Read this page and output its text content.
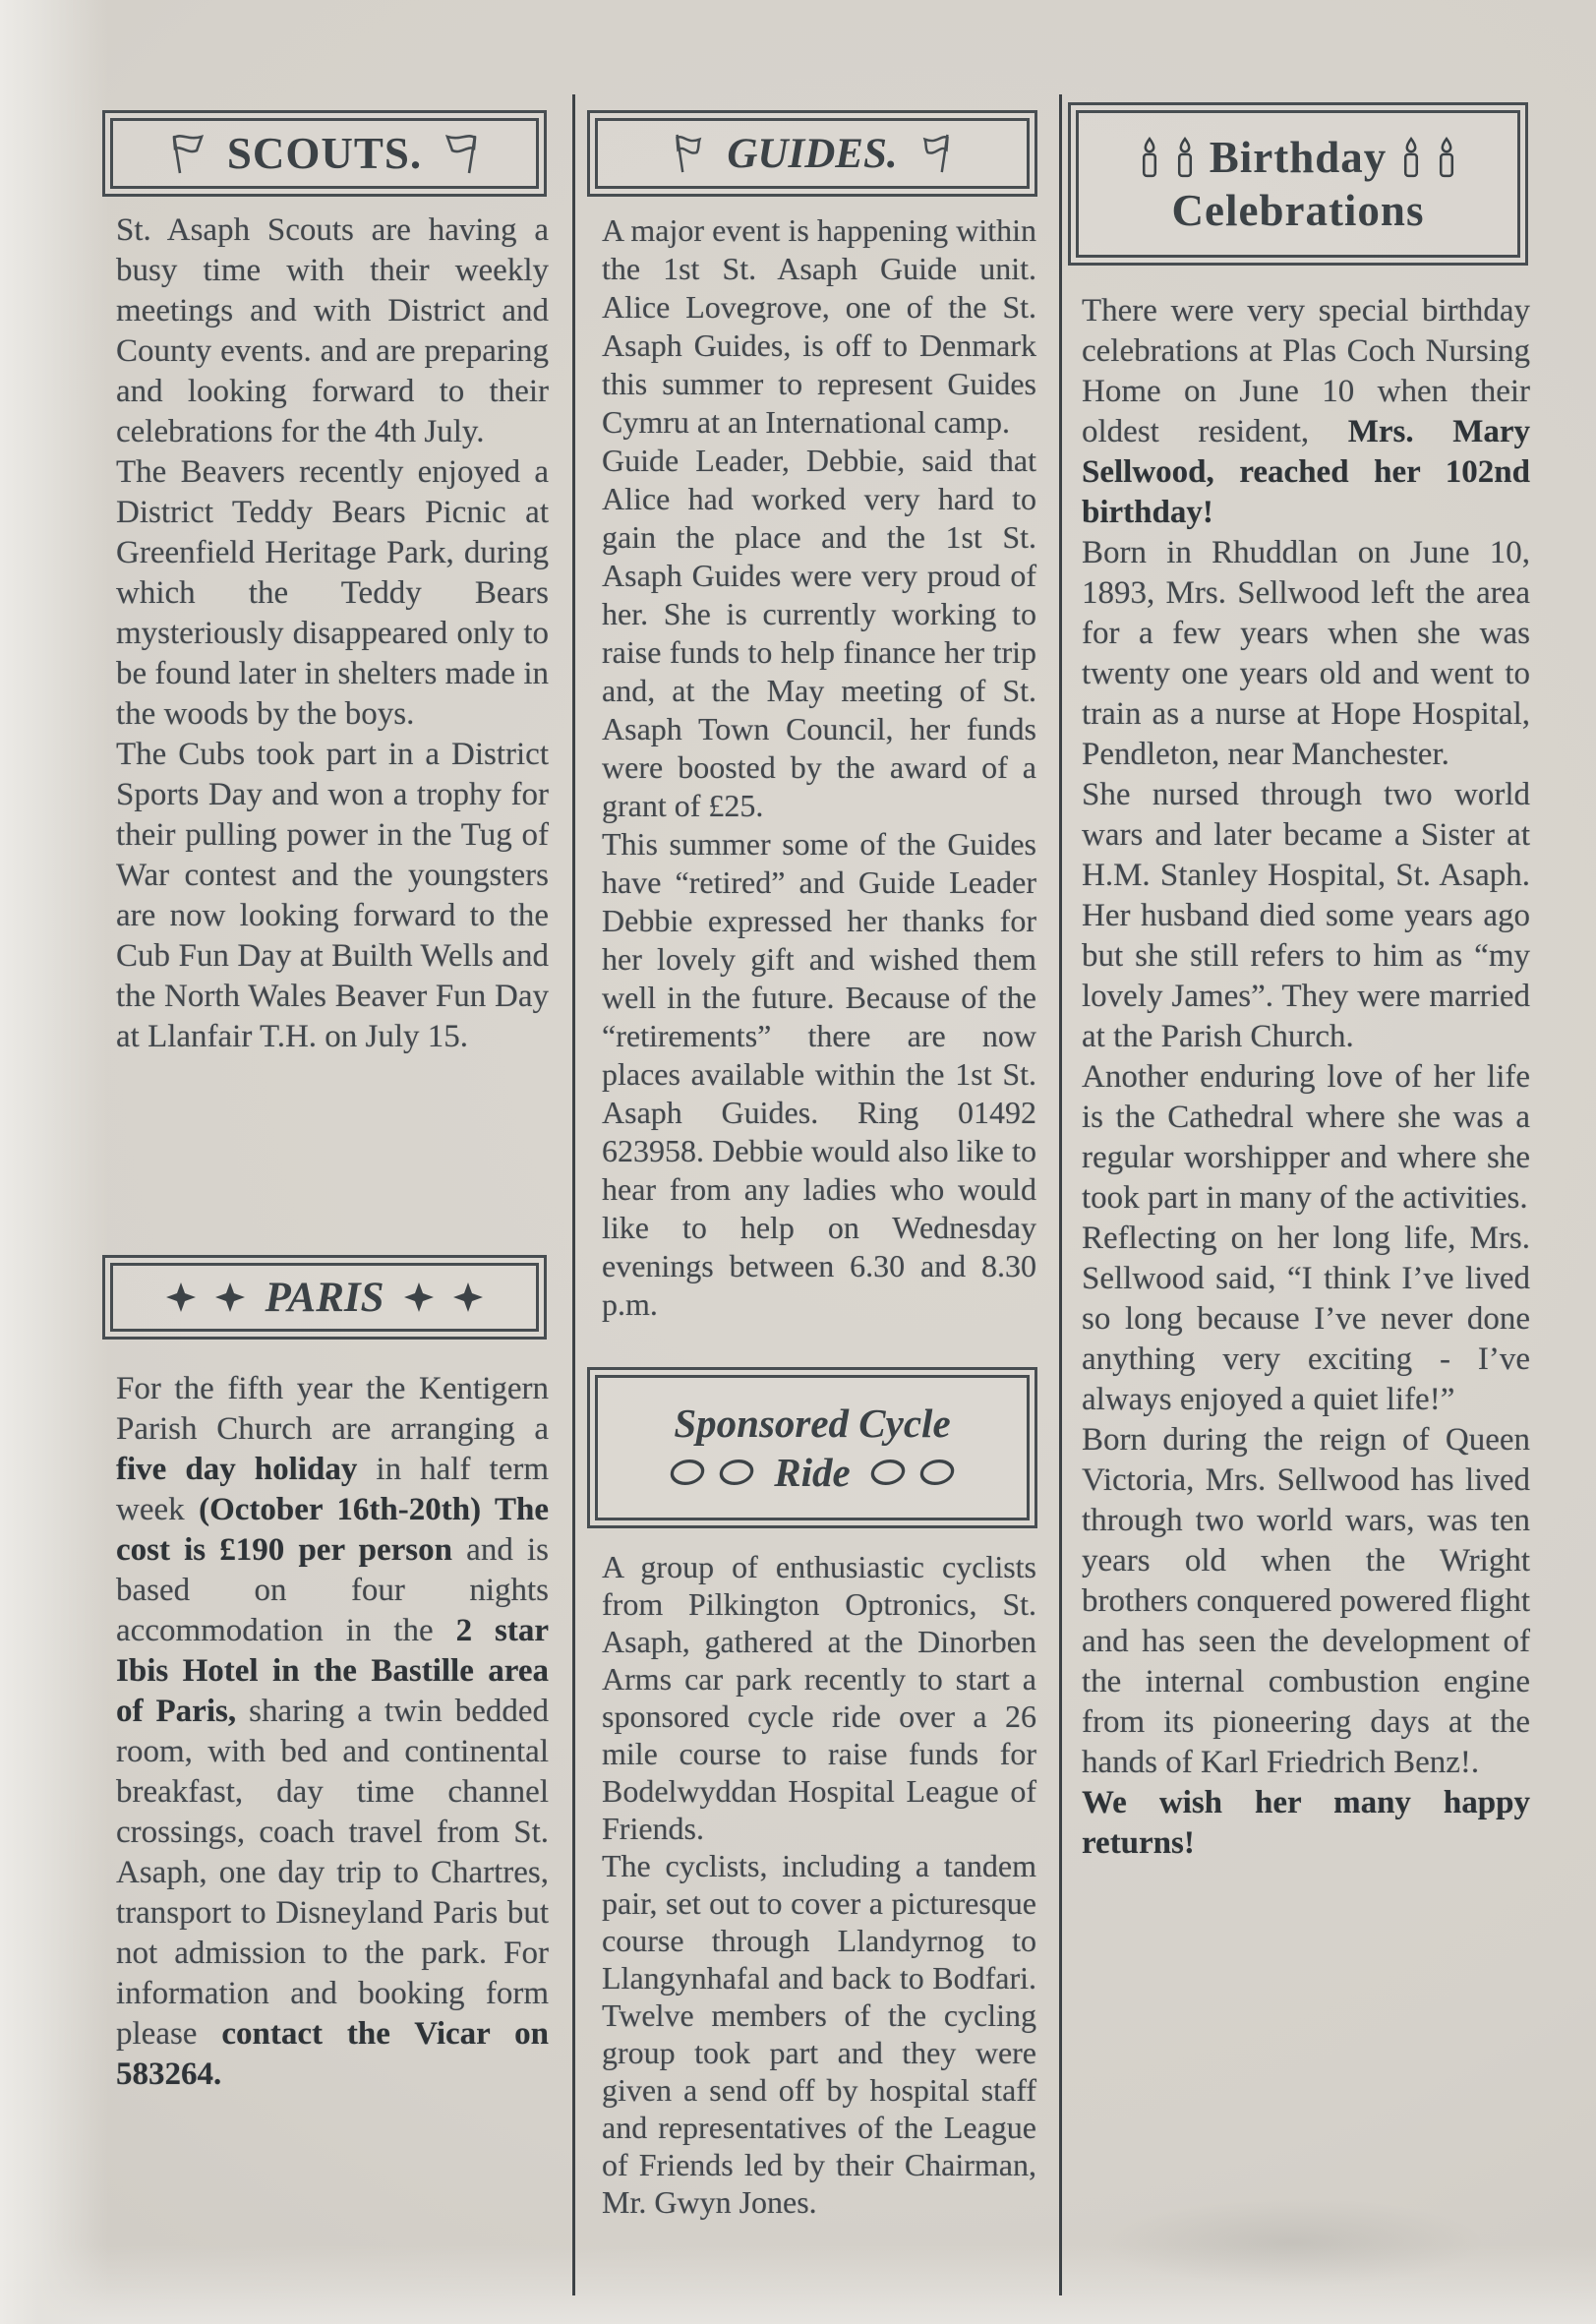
SCOUTS.

St. Asaph Scouts are having a busy time with their weekly meetings and with District and County events. and are preparing and looking forward to their celebrations for the 4th July.

The Beavers recently enjoyed a District Teddy Bears Picnic at Greenfield Heritage Park, during which the Teddy Bears mysteriously disappeared only to be found later in shelters made in the woods by the boys.

The Cubs took part in a District Sports Day and won a trophy for their pulling power in the Tug of War contest and the youngsters are now looking forward to the Cub Fun Day at Builth Wells and the North Wales Beaver Fun Day at Llanfair T.H. on July 15.

PARIS

For the fifth year the Kentigern Parish Church are arranging a five day holiday in half term week (October 16th-20th) The cost is £190 per person and is based on four nights accommodation in the 2 star Ibis Hotel in the Bastille area of Paris, sharing a twin bedded room, with bed and continental breakfast, day time channel crossings, coach travel from St. Asaph, one day trip to Chartres, transport to Disneyland Paris but not admission to the park. For information and booking form please contact the Vicar on 583264.

GUIDES.

A major event is happening within the 1st St. Asaph Guide unit. Alice Lovegrove, one of the St. Asaph Guides, is off to Denmark this summer to represent Guides Cymru at an International camp.

Guide Leader, Debbie, said that Alice had worked very hard to gain the place and the 1st St. Asaph Guides were very proud of her. She is currently working to raise funds to help finance her trip and, at the May meeting of St. Asaph Town Council, her funds were boosted by the award of a grant of £25.

This summer some of the Guides have “retired” and Guide Leader Debbie expressed her thanks for her lovely gift and wished them well in the future. Because of the “retirements” there are now places available within the 1st St. Asaph Guides. Ring 01492 623958. Debbie would also like to hear from any ladies who would like to help on Wednesday evenings between 6.30 and 8.30 p.m.

Sponsored Cycle
Ride

A group of enthusiastic cyclists from Pilkington Optronics, St. Asaph, gathered at the Dinorben Arms car park recently to start a sponsored cycle ride over a 26 mile course to raise funds for Bodelwyddan Hospital League of Friends.

The cyclists, including a tandem pair, set out to cover a picturesque course through Llandyrnog to Llangynhafal and back to Bodfari. Twelve members of the cycling group took part and they were given a send off by hospital staff and representatives of the League of Friends led by their Chairman, Mr. Gwyn Jones.

Birthday
Celebrations

There were very special birthday celebrations at Plas Coch Nursing Home on June 10 when their oldest resident, Mrs. Mary Sellwood, reached her 102nd birthday!

Born in Rhuddlan on June 10, 1893, Mrs. Sellwood left the area for a few years when she was twenty one years old and went to train as a nurse at Hope Hospital, Pendleton, near Manchester.

She nursed through two world wars and later became a Sister at H.M. Stanley Hospital, St. Asaph. Her husband died some years ago but she still refers to him as “my lovely James”. They were married at the Parish Church.

Another enduring love of her life is the Cathedral where she was a regular worshipper and where she took part in many of the activities.

Reflecting on her long life, Mrs. Sellwood said, “I think I’ve lived so long because I’ve never done anything very exciting - I’ve always enjoyed a quiet life!”

Born during the reign of Queen Victoria, Mrs. Sellwood has lived through two world wars, was ten years old when the Wright brothers conquered powered flight and has seen the development of the internal combustion engine from its pioneering days at the hands of Karl Friedrich Benz!.

We wish her many happy returns!
